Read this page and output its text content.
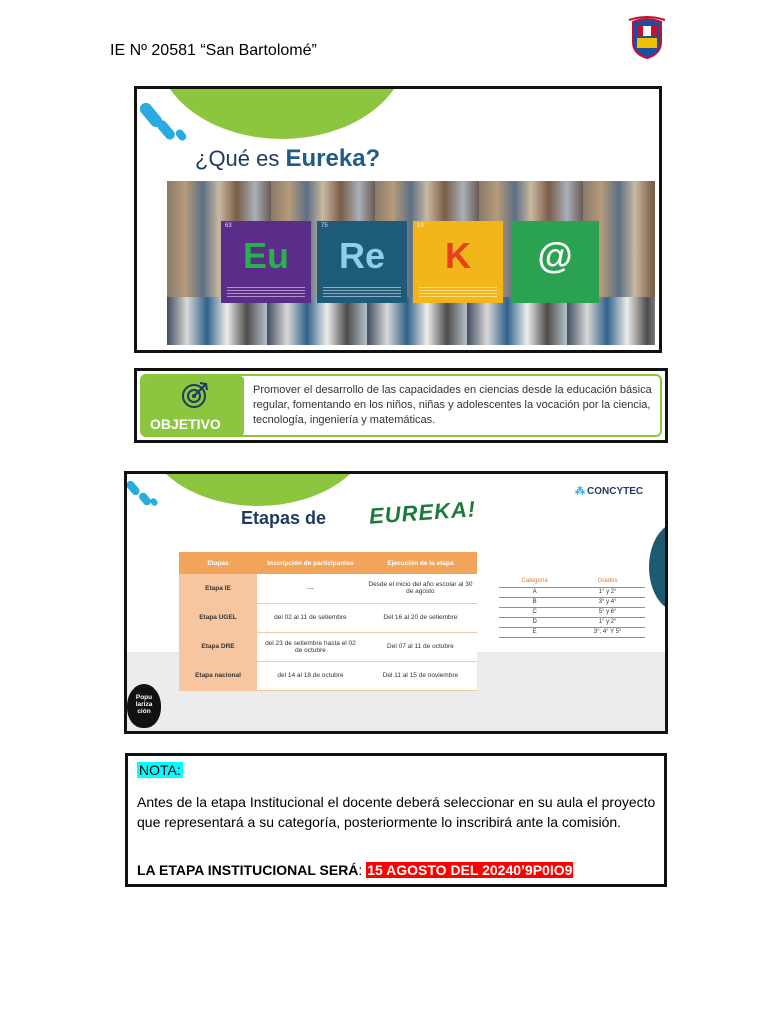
IE Nº 20581 “San Bartolomé”
¿Qué es Eureka?
63
Eu
75
Re
19
K	@
OBJETIVO
Promover el desarrollo de las capacidades en ciencias desde la educación básica regular, fomentando en los niños, niñas y adolescentes la vocación por la ciencia, tecnología, ingeniería y matemáticas.
Etapas de EUREKA!
⁂ CONCYTEC
Etapas	Inscripción de participantes	Ejecución de la etapa
Etapa IE	---	Desde el inicio del año escolar al 30 de agosto
Etapa UGEL	del 02 al 11 de setiembre	Del 16 al 20 de setiembre
Etapa DRE	del 23 de setiembre hasta el 02 de octubre	Del 07 al 11 de octubre
Etapa nacional	del 14 al 18 de octubre	Del 11 al 15 de noviembre
Categoría	Grados
A	1° y 2°
B	3° y 4°
C	5° y 6°
D	1° y 2°
E	3°, 4° Y 5°
Popu lariza ción
NOTA:
Antes de la etapa Institucional el docente deberá seleccionar en su aula el proyecto que representará a su categoría, posteriormente lo inscribirá ante la comisión.
LA ETAPA INSTITUCIONAL SERÁ: 15 AGOSTO DEL 20240’9P0IO9
